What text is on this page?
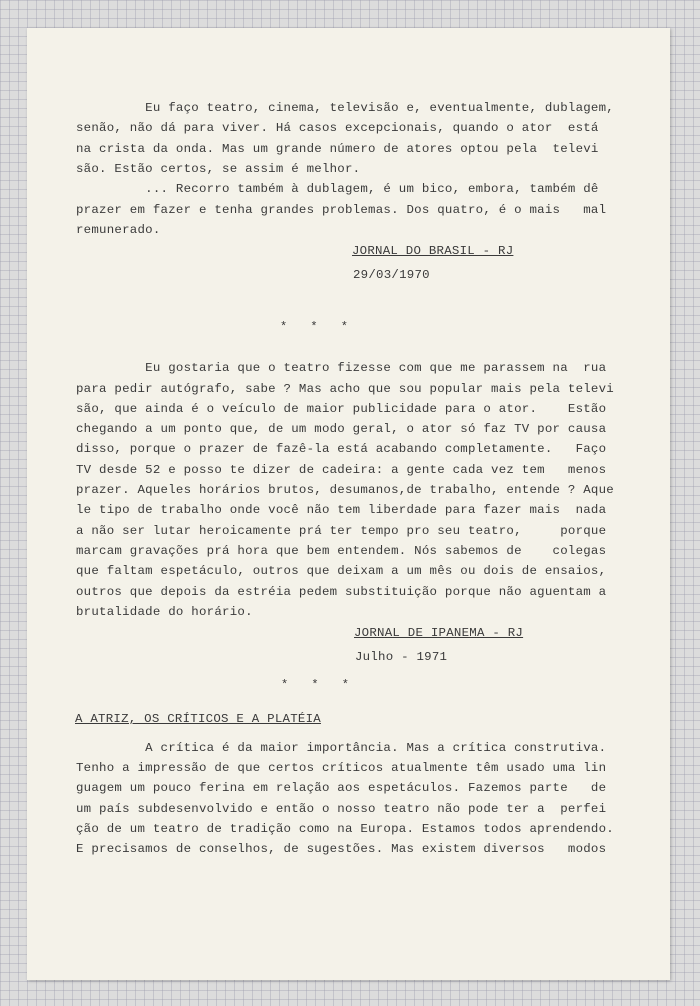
Eu faço teatro, cinema, televisão e, eventualmente, dublagem,

senão, não dá para viver. Há casos excepcionais, quando o ator  está

na crista da onda. Mas um grande número de atores optou pela  televi

são. Estão certos, se assim é melhor.

... Recorro também à dublagem, é um bico, embora, também dê

prazer em fazer e tenha grandes problemas. Dos quatro, é o mais   mal

remunerado.

JORNAL DO BRASIL - RJ

29/03/1970

* * *

Eu gostaria que o teatro fizesse com que me parassem na  rua

para pedir autógrafo, sabe ? Mas acho que sou popular mais pela televi

são, que ainda é o veículo de maior publicidade para o ator.    Estão

chegando a um ponto que, de um modo geral, o ator só faz TV por causa

disso, porque o prazer de fazê-la está acabando completamente.   Faço

TV desde 52 e posso te dizer de cadeira: a gente cada vez tem   menos

prazer. Aqueles horários brutos, desumanos,de trabalho, entende ? Aque

le tipo de trabalho onde você não tem liberdade para fazer mais  nada

a não ser lutar heroicamente prá ter tempo pro seu teatro,     porque

marcam gravações prá hora que bem entendem. Nós sabemos de    colegas

que faltam espetáculo, outros que deixam a um mês ou dois de ensaios,

outros que depois da estréia pedem substituição porque não aguentam a

brutalidade do horário.

JORNAL DE IPANEMA - RJ

Julho - 1971

* * *

A ATRIZ, OS CRÍTICOS E A PLATÉIA

A crítica é da maior importância. Mas a crítica construtiva.

Tenho a impressão de que certos críticos atualmente têm usado uma lin

guagem um pouco ferina em relação aos espetáculos. Fazemos parte   de

um país subdesenvolvido e então o nosso teatro não pode ter a  perfei

ção de um teatro de tradição como na Europa. Estamos todos aprendendo.

E precisamos de conselhos, de sugestões. Mas existem diversos   modos
